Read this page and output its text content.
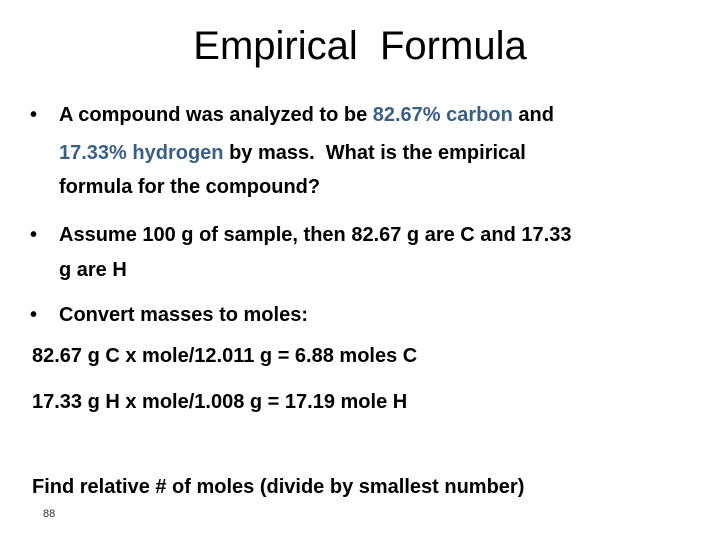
Empirical  Formula
• A compound was analyzed to be 82.67% carbon and
17.33% hydrogen by mass.  What is the empirical
formula for the compound?
• Assume 100 g of sample, then 82.67 g are C and 17.33
g are H
• Convert masses to moles:
82.67 g C x mole/12.011 g = 6.88 moles C
17.33 g H x mole/1.008 g = 17.19 mole H
Find relative # of moles (divide by smallest number)
88
